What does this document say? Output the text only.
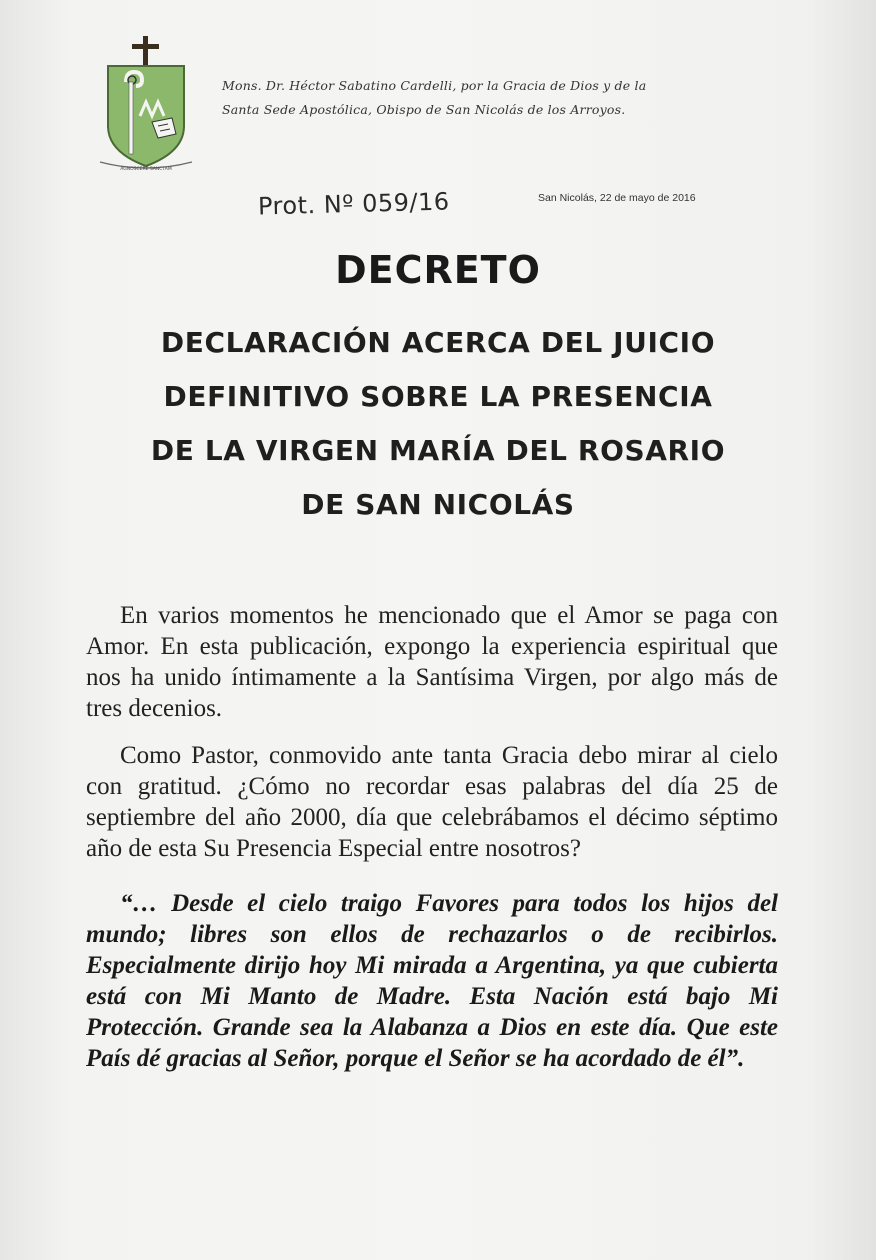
AGNOSCERE SANCTAM
Mons. Dr. Héctor Sabatino Cardelli, por la Gracia de Dios y de la
Santa Sede Apostólica, Obispo de San Nicolás de los Arroyos.
Prot. Nº 059/16	San Nicolás, 22 de mayo de 2016
DECRETO
DECLARACIÓN ACERCA DEL JUICIO
DEFINITIVO SOBRE LA PRESENCIA
DE LA VIRGEN MARÍA DEL ROSARIO
DE SAN NICOLÁS

En varios momentos he mencionado que el Amor se paga con Amor. En esta publicación, expongo la experiencia espiritual que nos ha unido íntimamente a la Santísima Virgen, por algo más de tres decenios.

Como Pastor, conmovido ante tanta Gracia debo mirar al cielo con gratitud. ¿Cómo no recordar esas palabras del día 25 de septiembre del año 2000, día que celebrábamos el décimo séptimo año de esta Su Presencia Especial entre nosotros?

“… Desde el cielo traigo Favores para todos los hijos del mundo; libres son ellos de rechazarlos o de recibirlos. Especialmente dirijo hoy Mi mirada a Argentina, ya que cubierta está con Mi Manto de Madre. Esta Nación está bajo Mi Protección. Grande sea la Alabanza a Dios en este día. Que este País dé gracias al Señor, porque el Señor se ha acordado de él”.
